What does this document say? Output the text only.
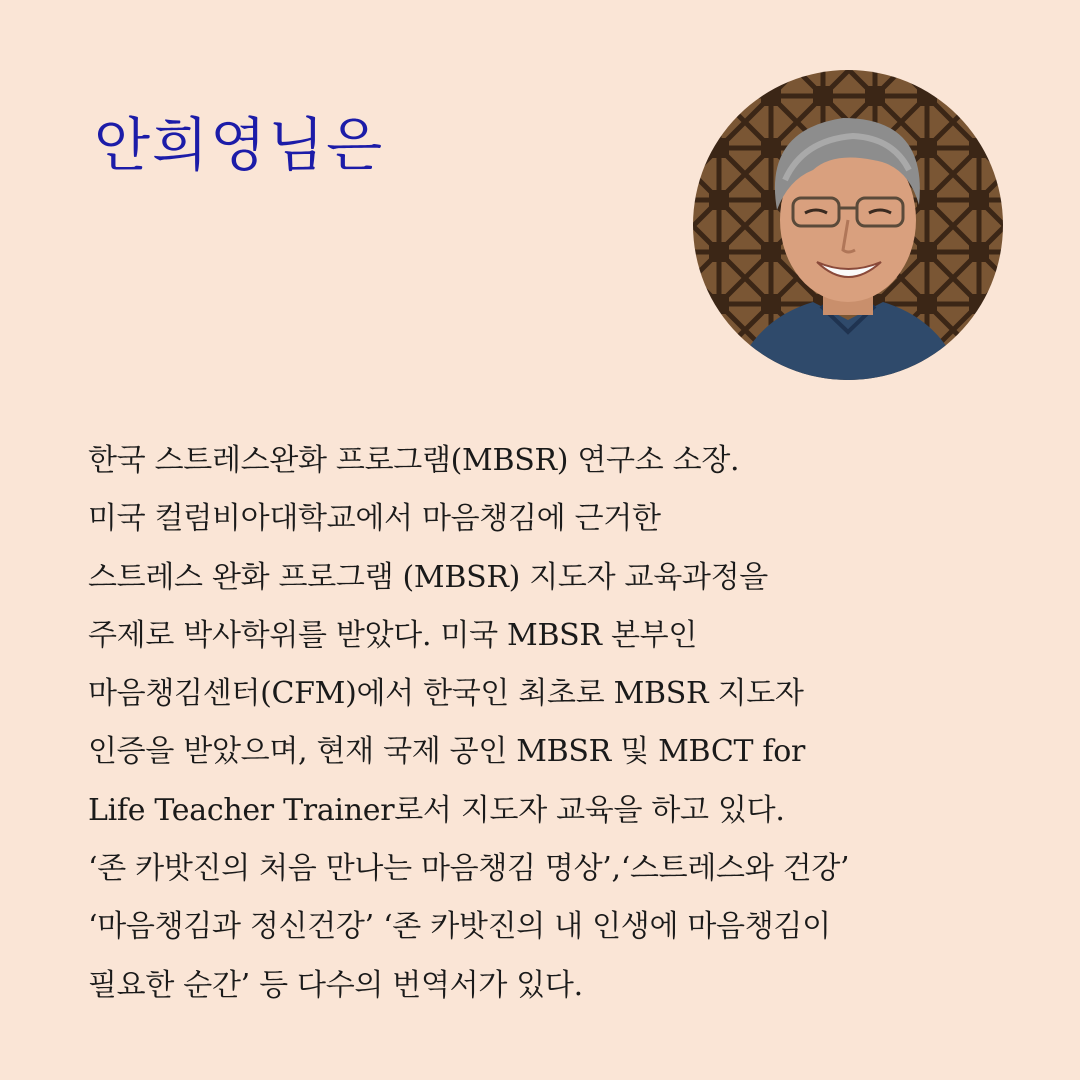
안희영님은
한국 스트레스완화 프로그램(MBSR) 연구소 소장.
미국 컬럼비아대학교에서 마음챙김에 근거한
스트레스 완화 프로그램 (MBSR) 지도자 교육과정을
주제로 박사학위를 받았다. 미국 MBSR 본부인
마음챙김센터(CFM)에서 한국인 최초로 MBSR 지도자
인증을 받았으며, 현재 국제 공인 MBSR 및 MBCT for
Life Teacher Trainer로서 지도자 교육을 하고 있다.
‘존 카밧진의 처음 만나는 마음챙김 명상’,‘스트레스와 건강’
‘마음챙김과 정신건강’ ‘존 카밧진의 내 인생에 마음챙김이
필요한 순간’ 등 다수의 번역서가 있다.
